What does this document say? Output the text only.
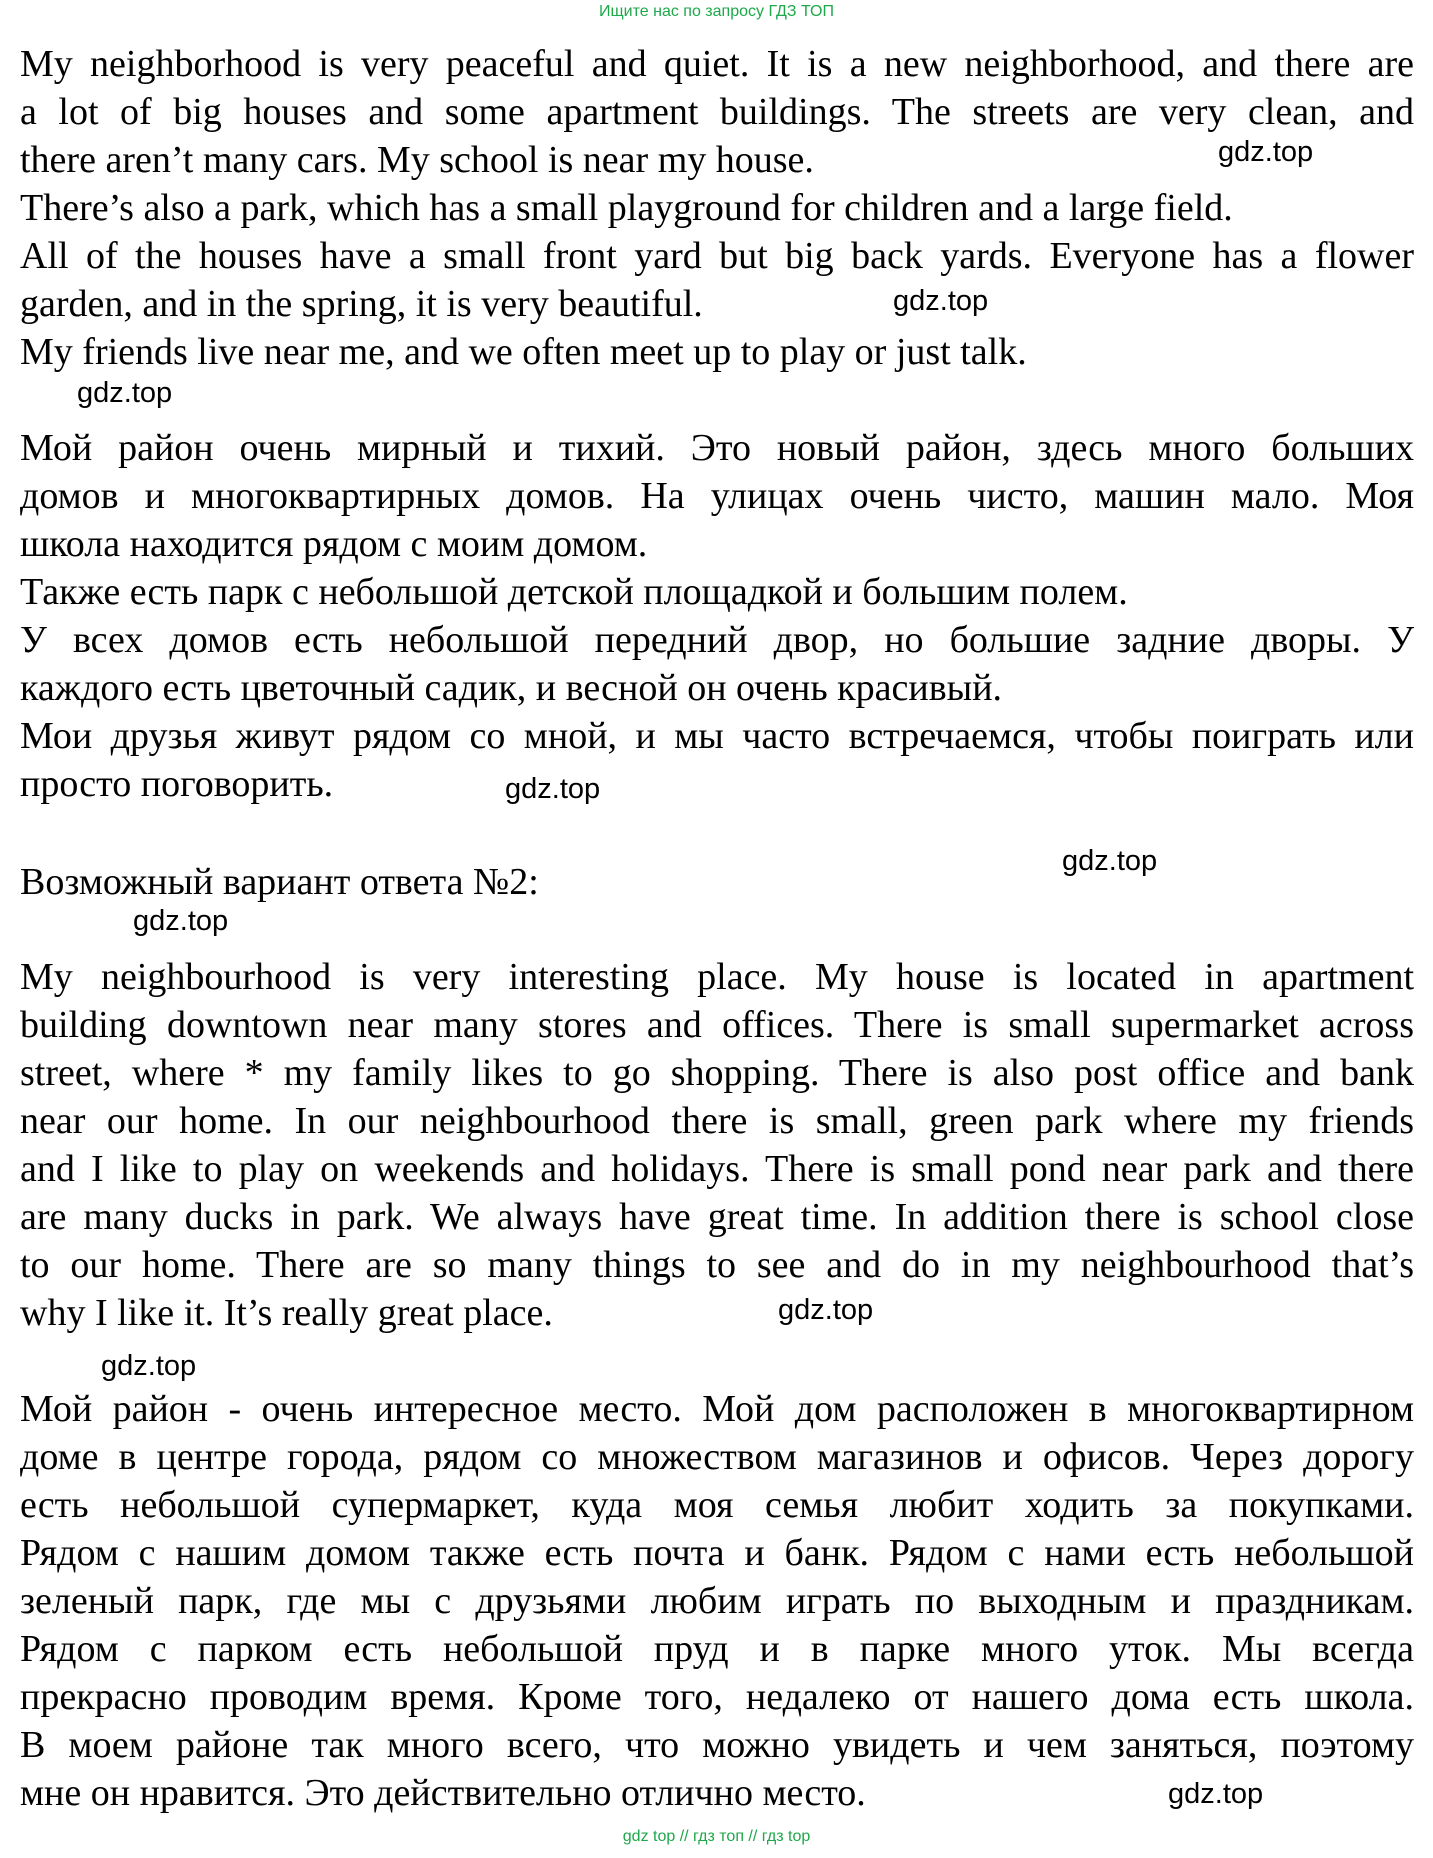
Ищите нас по запросу ГДЗ ТОП
My neighborhood is very peaceful and quiet. It is a new neighborhood, and there are
a lot of big houses and some apartment buildings. The streets are very clean, and
there aren’t many cars. My school is near my house.
There’s also a park, which has a small playground for children and a large field.
All of the houses have a small front yard but big back yards. Everyone has a flower
garden, and in the spring, it is very beautiful.
My friends live near me, and we often meet up to play or just talk.
Мой район очень мирный и тихий. Это новый район, здесь много больших
домов и многоквартирных домов. На улицах очень чисто, машин мало. Моя
школа находится рядом с моим домом.
Также есть парк с небольшой детской площадкой и большим полем.
У всех домов есть небольшой передний двор, но большие задние дворы. У
каждого есть цветочный садик, и весной он очень красивый.
Мои друзья живут рядом со мной, и мы часто встречаемся, чтобы поиграть или
просто поговорить.
Возможный вариант ответа №2:
My neighbourhood is very interesting place. My house is located in apartment
building downtown near many stores and offices. There is small supermarket across
street, where * my family likes to go shopping. There is also post office and bank
near our home. In our neighbourhood there is small, green park where my friends
and I like to play on weekends and holidays. There is small pond near park and there
are many ducks in park. We always have great time. In addition there is school close
to our home. There are so many things to see and do in my neighbourhood that’s
why I like it. It’s really great place.
Мой район - очень интересное место. Мой дом расположен в многоквартирном
доме в центре города, рядом со множеством магазинов и офисов. Через дорогу
есть небольшой супермаркет, куда моя семья любит ходить за покупками.
Рядом с нашим домом также есть почта и банк. Рядом с нами есть небольшой
зеленый парк, где мы с друзьями любим играть по выходным и праздникам.
Рядом с парком есть небольшой пруд и в парке много уток. Мы всегда
прекрасно проводим время. Кроме того, недалеко от нашего дома есть школа.
В моем районе так много всего, что можно увидеть и чем заняться, поэтому
мне он нравится. Это действительно отлично место.
gdz.top
gdz.top
gdz.top
gdz.top
gdz.top
gdz.top
gdz.top
gdz.top
gdz.top
gdz top // гдз топ // гдз top
